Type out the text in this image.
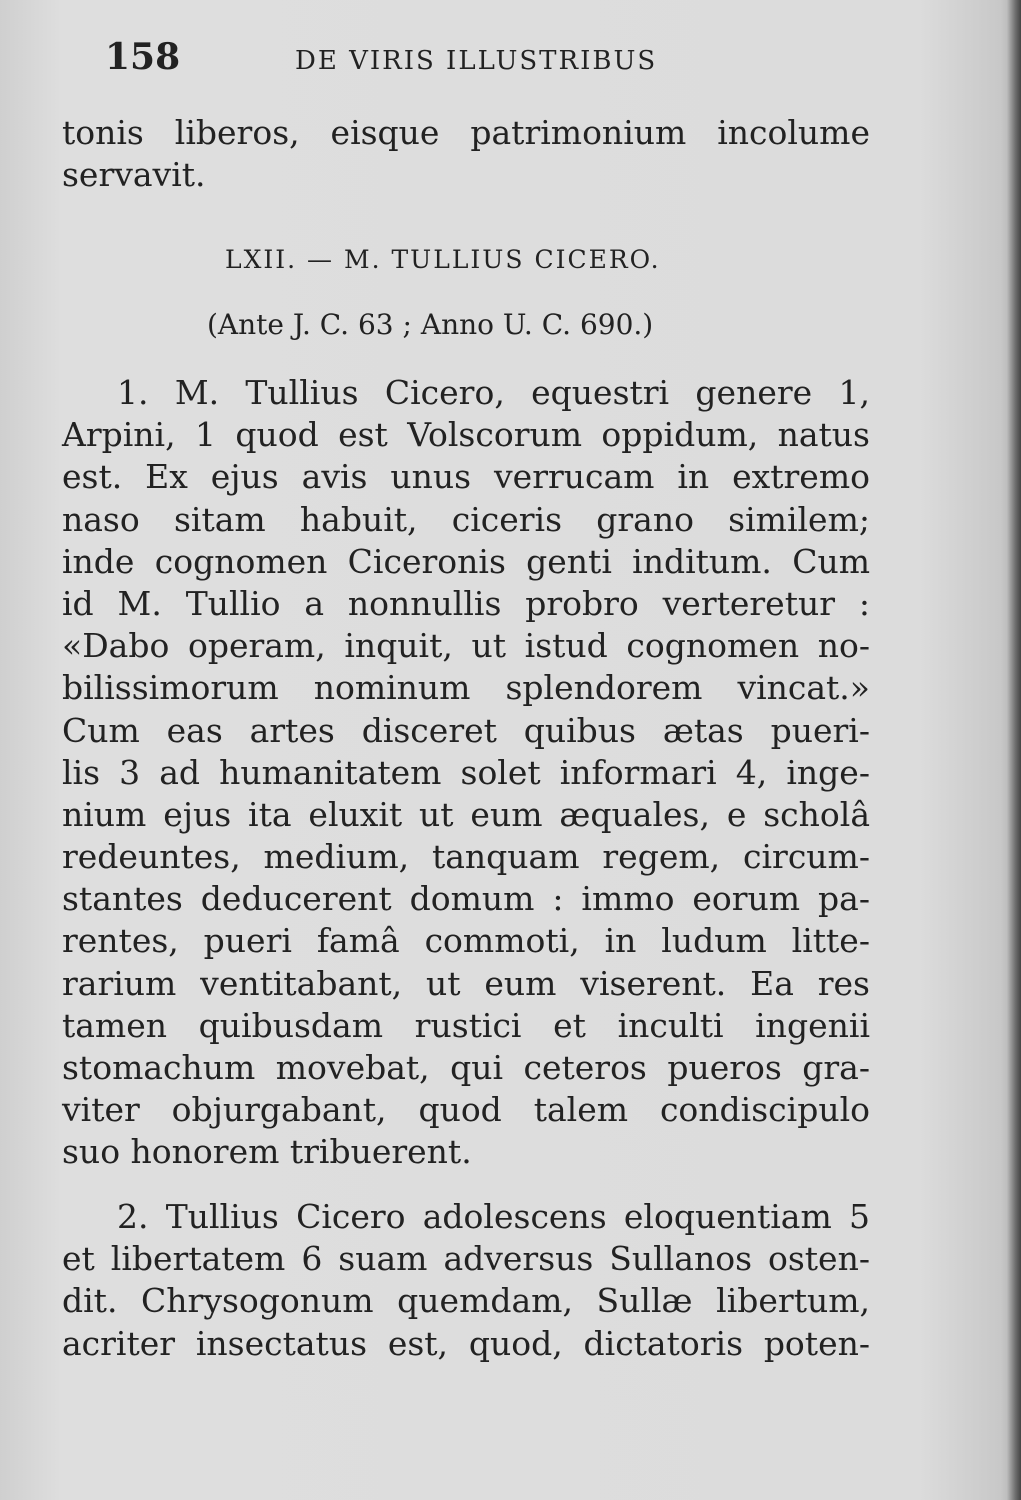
158	DE VIRIS ILLUSTRIBUS
tonis liberos, eisque patrimonium incolume
servavit.
LXII. — M. TULLIUS CICERO.
(Ante J. C. 63 ; Anno U. C. 690.)
1. M. Tullius Cicero, equestri genere 1,
Arpini, 1 quod est Volscorum oppidum, natus
est. Ex ejus avis unus verrucam in extremo
naso sitam habuit, ciceris grano similem;
inde cognomen Ciceronis genti inditum. Cum
id M. Tullio a nonnullis probro verteretur :
«Dabo operam, inquit, ut istud cognomen no-
bilissimorum nominum splendorem vincat.»
Cum eas artes disceret quibus ætas pueri-
lis 3 ad humanitatem solet informari 4, inge-
nium ejus ita eluxit ut eum æquales, e scholâ
redeuntes, medium, tanquam regem, circum-
stantes deducerent domum : immo eorum pa-
rentes, pueri famâ commoti, in ludum litte-
rarium ventitabant, ut eum viserent. Ea res
tamen quibusdam rustici et inculti ingenii
stomachum movebat, qui ceteros pueros gra-
viter objurgabant, quod talem condiscipulo
suo honorem tribuerent.
2. Tullius Cicero adolescens eloquentiam 5
et libertatem 6 suam adversus Sullanos osten-
dit. Chrysogonum quemdam, Sullæ libertum,
acriter insectatus est, quod, dictatoris poten-
